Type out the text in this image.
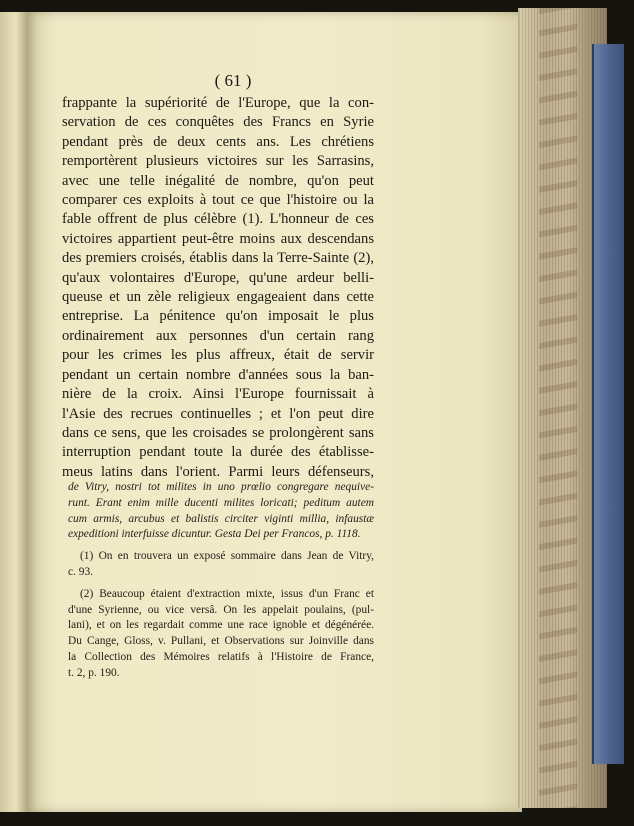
( 61 )

frappante la supériorité de l'Europe, que la con-

servation de ces conquêtes des Francs en Syrie

pendant près de deux cents ans. Les chrétiens

remportèrent plusieurs victoires sur les Sarrasins,

avec une telle inégalité de nombre, qu'on peut

comparer ces exploits à tout ce que l'histoire ou la

fable offrent de plus célèbre (1). L'honneur de ces

victoires appartient peut-être moins aux descendans

des premiers croisés, établis dans la Terre-Sainte (2),

qu'aux volontaires d'Europe, qu'une ardeur belli-

queuse et un zèle religieux engageaient dans cette

entreprise. La pénitence qu'on imposait le plus

ordinairement aux personnes d'un certain rang

pour les crimes les plus affreux, était de servir

pendant un certain nombre d'années sous la ban-

nière de la croix. Ainsi l'Europe fournissait à

l'Asie des recrues continuelles ; et l'on peut dire

dans ce sens, que les croisades se prolongèrent sans

interruption pendant toute la durée des établisse-

meus latins dans l'orient. Parmi leurs défenseurs,

de Vitry, nostri tot milites in uno prœlio congregare nequive-

runt. Erant enim mille ducenti milites loricati; peditum autem

cum armis, arcubus et balistis circiter viginti millia, infaustæ

expeditioni interfuisse dicuntur. Gesta Dei per Francos, p. 1118.

(1) On en trouvera un exposé sommaire dans Jean de Vitry,

c. 93.

(2) Beaucoup étaient d'extraction mixte, issus d'un Franc et

d'une Syrienne, ou vice versâ. On les appelait poulains, (pul-

lani), et on les regardait comme une race ignoble et dégénérée.

Du Cange, Gloss, v. Pullani, et Observations sur Joinville dans

la Collection des Mémoires relatifs à l'Histoire de France,

t. 2, p. 190.
